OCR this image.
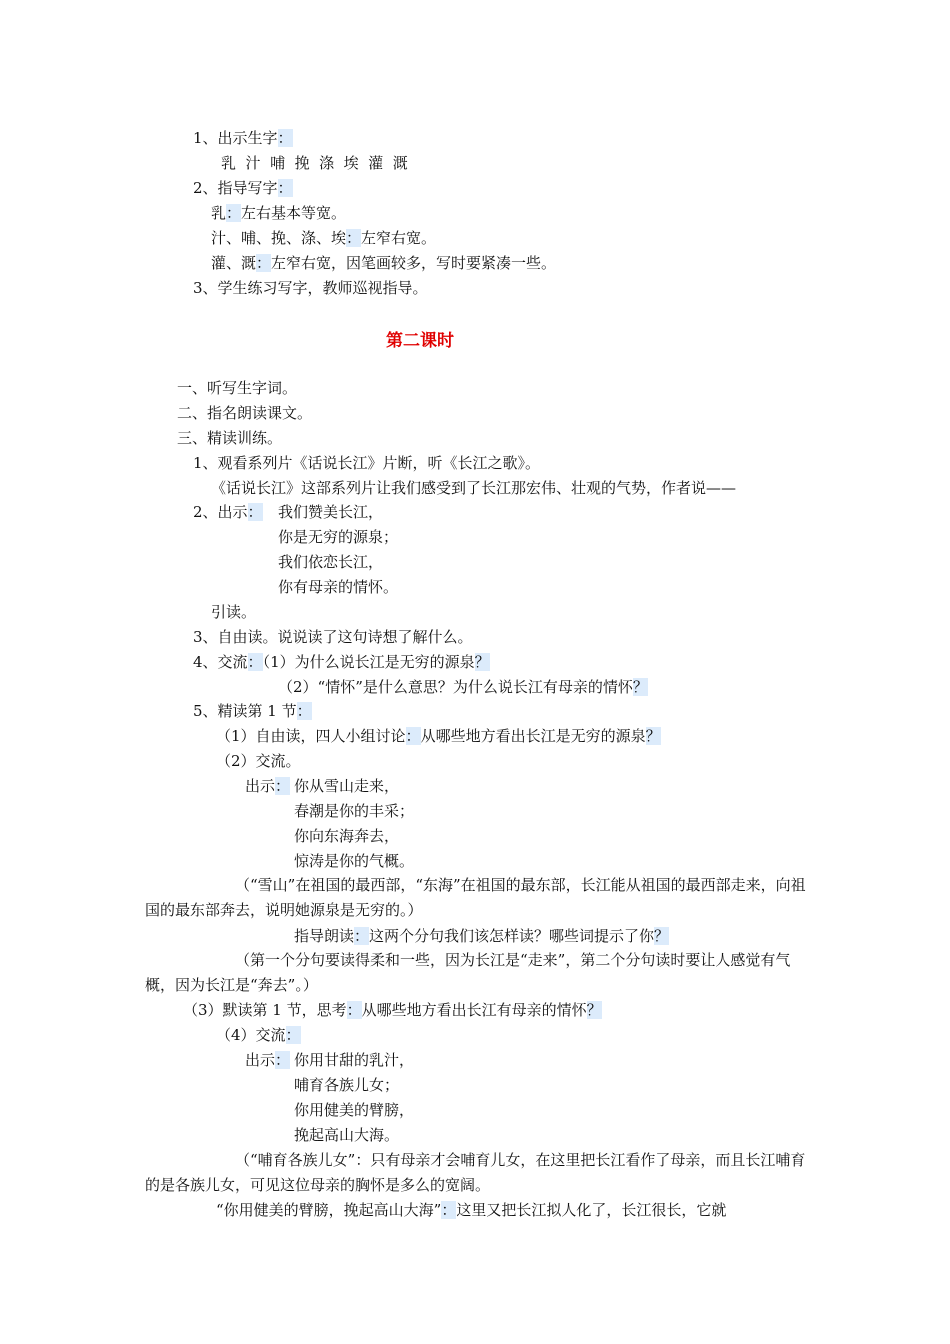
1、出示生字：
乳  汁  哺  挽  涤  埃  灌  溉
2、指导写字：
乳：左右基本等宽。
汁、哺、挽、涤、埃：左窄右宽。
灌、溉：左窄右宽，因笔画较多，写时要紧凑一些。
3、学生练习写字，教师巡视指导。
第二课时
一、听写生字词。
二、指名朗读课文。
三、精读训练。
1、观看系列片《话说长江》片断，听《长江之歌》。
《话说长江》这部系列片让我们感受到了长江那宏伟、壮观的气势，作者说——
2、出示： 我们赞美长江，
你是无穷的源泉；
我们依恋长江，
你有母亲的情怀。
引读。
3、自由读。说说读了这句诗想了解什么。
4、交流：（1）为什么说长江是无穷的源泉？
（2）“情怀”是什么意思？为什么说长江有母亲的情怀？
5、精读第 1 节：
（1）自由读，四人小组讨论：从哪些地方看出长江是无穷的源泉？
（2）交流。
出示： 你从雪山走来，
春潮是你的丰采；
你向东海奔去，
惊涛是你的气概。
（“雪山”在祖国的最西部，“东海”在祖国的最东部，长江能从祖国的最西部走来，向祖国的最东部奔去，说明她源泉是无穷的。）
指导朗读：这两个分句我们该怎样读？哪些词提示了你？
（第一个分句要读得柔和一些，因为长江是“走来”，第二个分句读时要让人感觉有气概，因为长江是“奔去”。）
（3）默读第 1 节，思考：从哪些地方看出长江有母亲的情怀？
（4）交流：
出示： 你用甘甜的乳汁，
哺育各族儿女；
你用健美的臂膀，
挽起高山大海。
（“哺育各族儿女”：只有母亲才会哺育儿女，在这里把长江看作了母亲，而且长江哺育的是各族儿女，可见这位母亲的胸怀是多么的宽阔。
“你用健美的臂膀，挽起高山大海”：这里又把长江拟人化了，长江很长，它就
